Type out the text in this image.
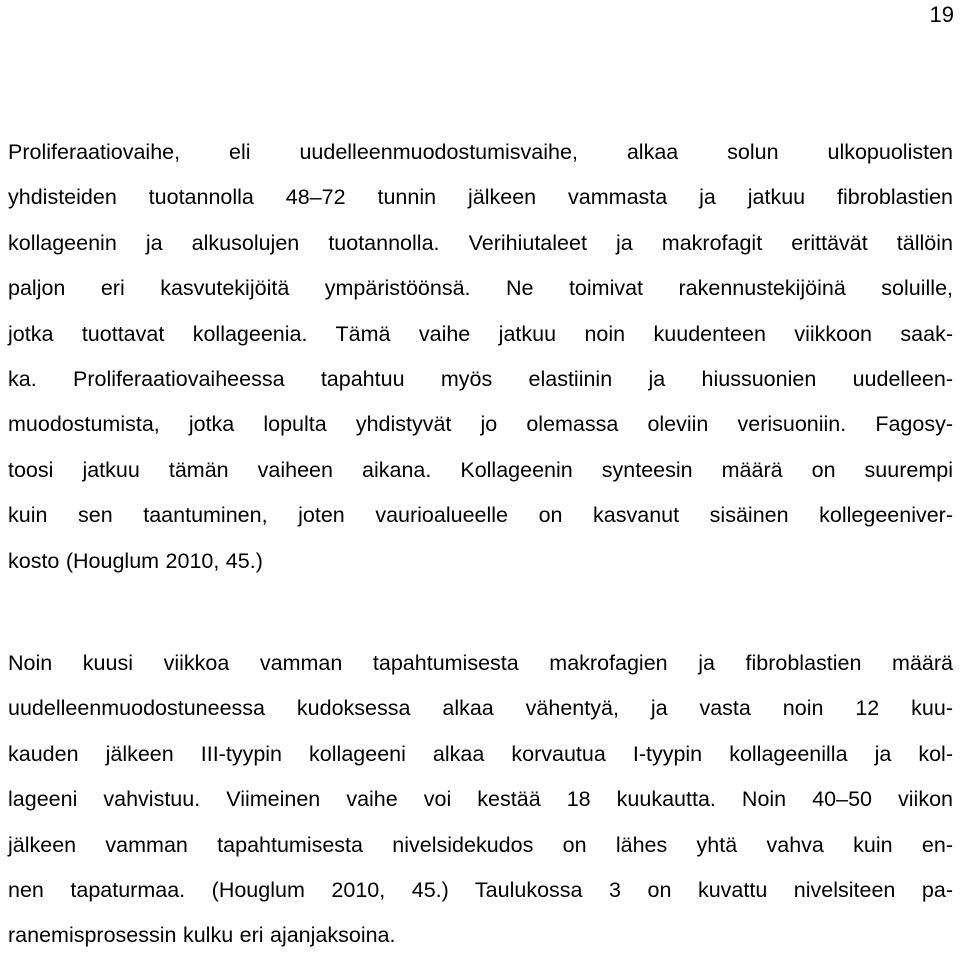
19

Proliferaatiovaihe, eli uudelleenmuodostumisvaihe, alkaa solun ulkopuolisten
yhdisteiden tuotannolla 48–72 tunnin jälkeen vammasta ja jatkuu fibroblastien
kollageenin ja alkusolujen tuotannolla. Verihiutaleet ja makrofagit erittävät tällöin
paljon eri kasvutekijöitä ympäristöönsä. Ne toimivat rakennustekijöinä soluille,
jotka tuottavat kollageenia. Tämä vaihe jatkuu noin kuudenteen viikkoon saak-
ka. Proliferaatiovaiheessa tapahtuu myös elastiinin ja hiussuonien uudelleen-
muodostumista, jotka lopulta yhdistyvät jo olemassa oleviin verisuoniin. Fagosy-
toosi jatkuu tämän vaiheen aikana. Kollageenin synteesin määrä on suurempi
kuin sen taantuminen, joten vaurioalueelle on kasvanut sisäinen kollegeeniver-
kosto (Houglum 2010, 45.)

Noin kuusi viikkoa vamman tapahtumisesta makrofagien ja fibroblastien määrä
uudelleenmuodostuneessa kudoksessa alkaa vähentyä, ja vasta noin 12 kuu-
kauden jälkeen III-tyypin kollageeni alkaa korvautua I-tyypin kollageenilla ja kol-
lageeni vahvistuu. Viimeinen vaihe voi kestää 18 kuukautta. Noin 40–50 viikon
jälkeen vamman tapahtumisesta nivelsidekudos on lähes yhtä vahva kuin en-
nen tapaturmaa. (Houglum 2010, 45.) Taulukossa 3 on kuvattu nivelsiteen pa-
ranemisprosessin kulku eri ajanjaksoina.
